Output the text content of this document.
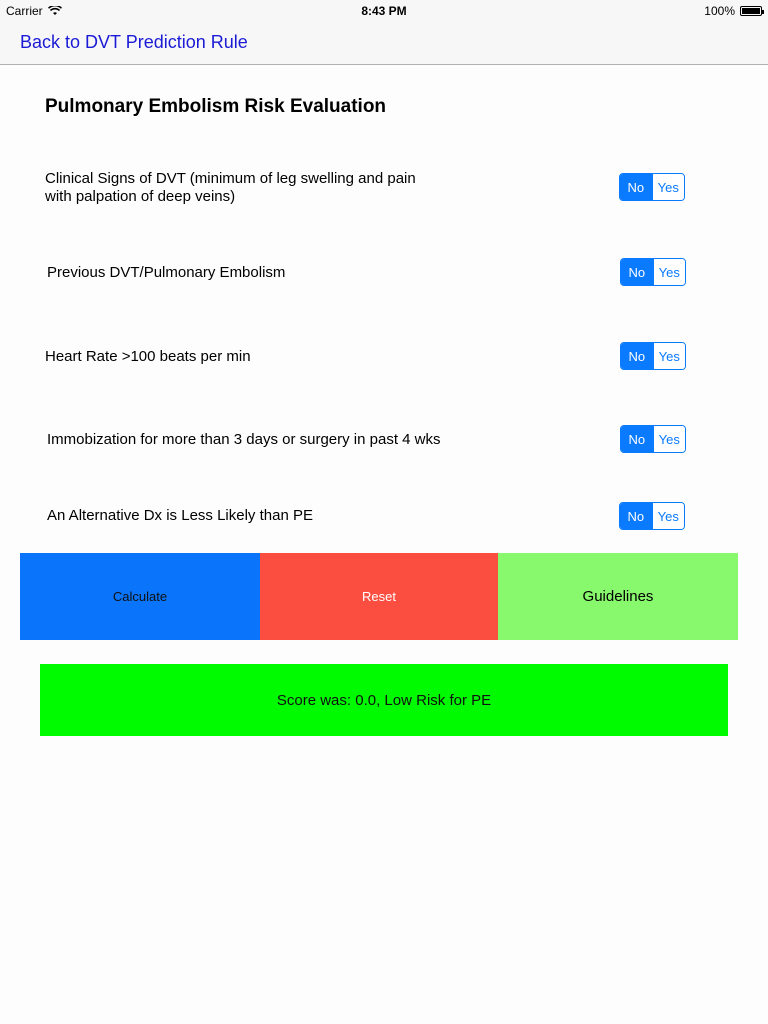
Carrier	8:43 PM	100%
Back to DVT Prediction Rule
Pulmonary Embolism Risk Evaluation
Clinical Signs of DVT (minimum of leg swelling and pain
with palpation of deep veins)
No	Yes
Previous DVT/Pulmonary Embolism	No	Yes
Heart Rate >100 beats per min	No	Yes
Immobization for more than 3 days or surgery in past 4 wks	No	Yes
An Alternative Dx is Less Likely than PE	No	Yes
Calculate	Reset	Guidelines
Score was: 0.0, Low Risk for PE
